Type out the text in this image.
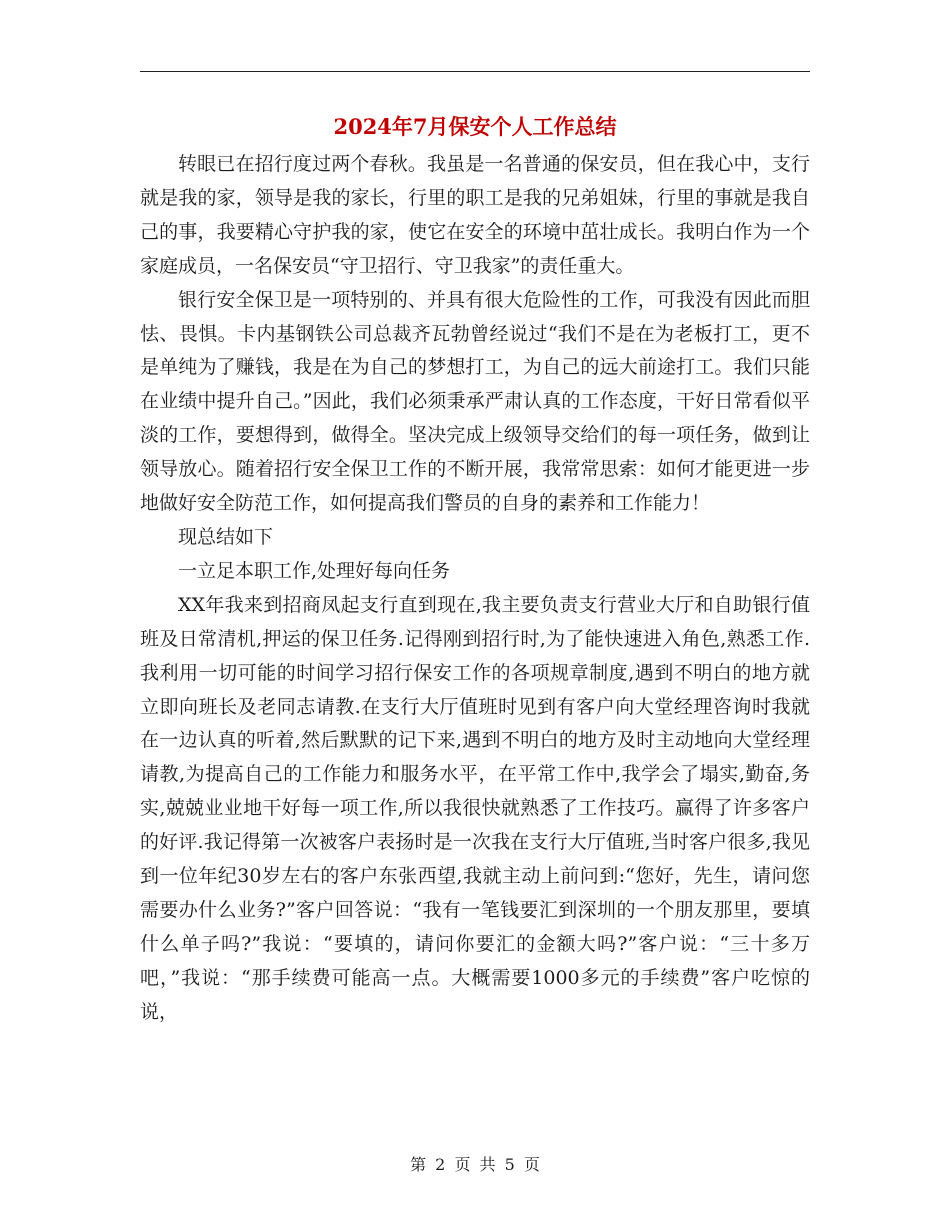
2024年7月保安个人工作总结

转眼已在招行度过两个春秋。我虽是一名普通的保安员，但在我心中，支行就是我的家，领导是我的家长，行里的职工是我的兄弟姐妹，行里的事就是我自己的事，我要精心守护我的家，使它在安全的环境中茁壮成长。我明白作为一个家庭成员，一名保安员“守卫招行、守卫我家”的责任重大。

银行安全保卫是一项特别的、并具有很大危险性的工作，可我没有因此而胆怯、畏惧。卡内基钢铁公司总裁齐瓦勃曾经说过“我们不是在为老板打工，更不是单纯为了赚钱，我是在为自己的梦想打工，为自己的远大前途打工。我们只能在业绩中提升自己。”因此，我们必须秉承严肃认真的工作态度，干好日常看似平淡的工作，要想得到，做得全。坚决完成上级领导交给们的每一项任务，做到让领导放心。随着招行安全保卫工作的不断开展，我常常思索：如何才能更进一步地做好安全防范工作，如何提高我们警员的自身的素养和工作能力！

现总结如下

一立足本职工作,处理好每向任务

XX年我来到招商凤起支行直到现在,我主要负责支行营业大厅和自助银行值班及日常清机,押运的保卫任务.记得刚到招行时,为了能快速进入角色,熟悉工作.我利用一切可能的时间学习招行保安工作的各项规章制度,遇到不明白的地方就立即向班长及老同志请教.在支行大厅值班时见到有客户向大堂经理咨询时我就在一边认真的听着,然后默默的记下来,遇到不明白的地方及时主动地向大堂经理请教,为提高自己的工作能力和服务水平，在平常工作中,我学会了塌实,勤奋,务实,兢兢业业地干好每一项工作,所以我很快就熟悉了工作技巧。赢得了许多客户的好评.我记得第一次被客户表扬时是一次我在支行大厅值班,当时客户很多,我见到一位年纪30岁左右的客户东张西望,我就主动上前问到:“您好，先生，请问您需要办什么业务?”客户回答说：“我有一笔钱要汇到深圳的一个朋友那里，要填什么单子吗?”我说：“要填的，请问你要汇的金额大吗?”客户说：“三十多万吧，”我说：“那手续费可能高一点。大概需要1000多元的手续费”客户吃惊的说，

第 2 页 共 5 页
